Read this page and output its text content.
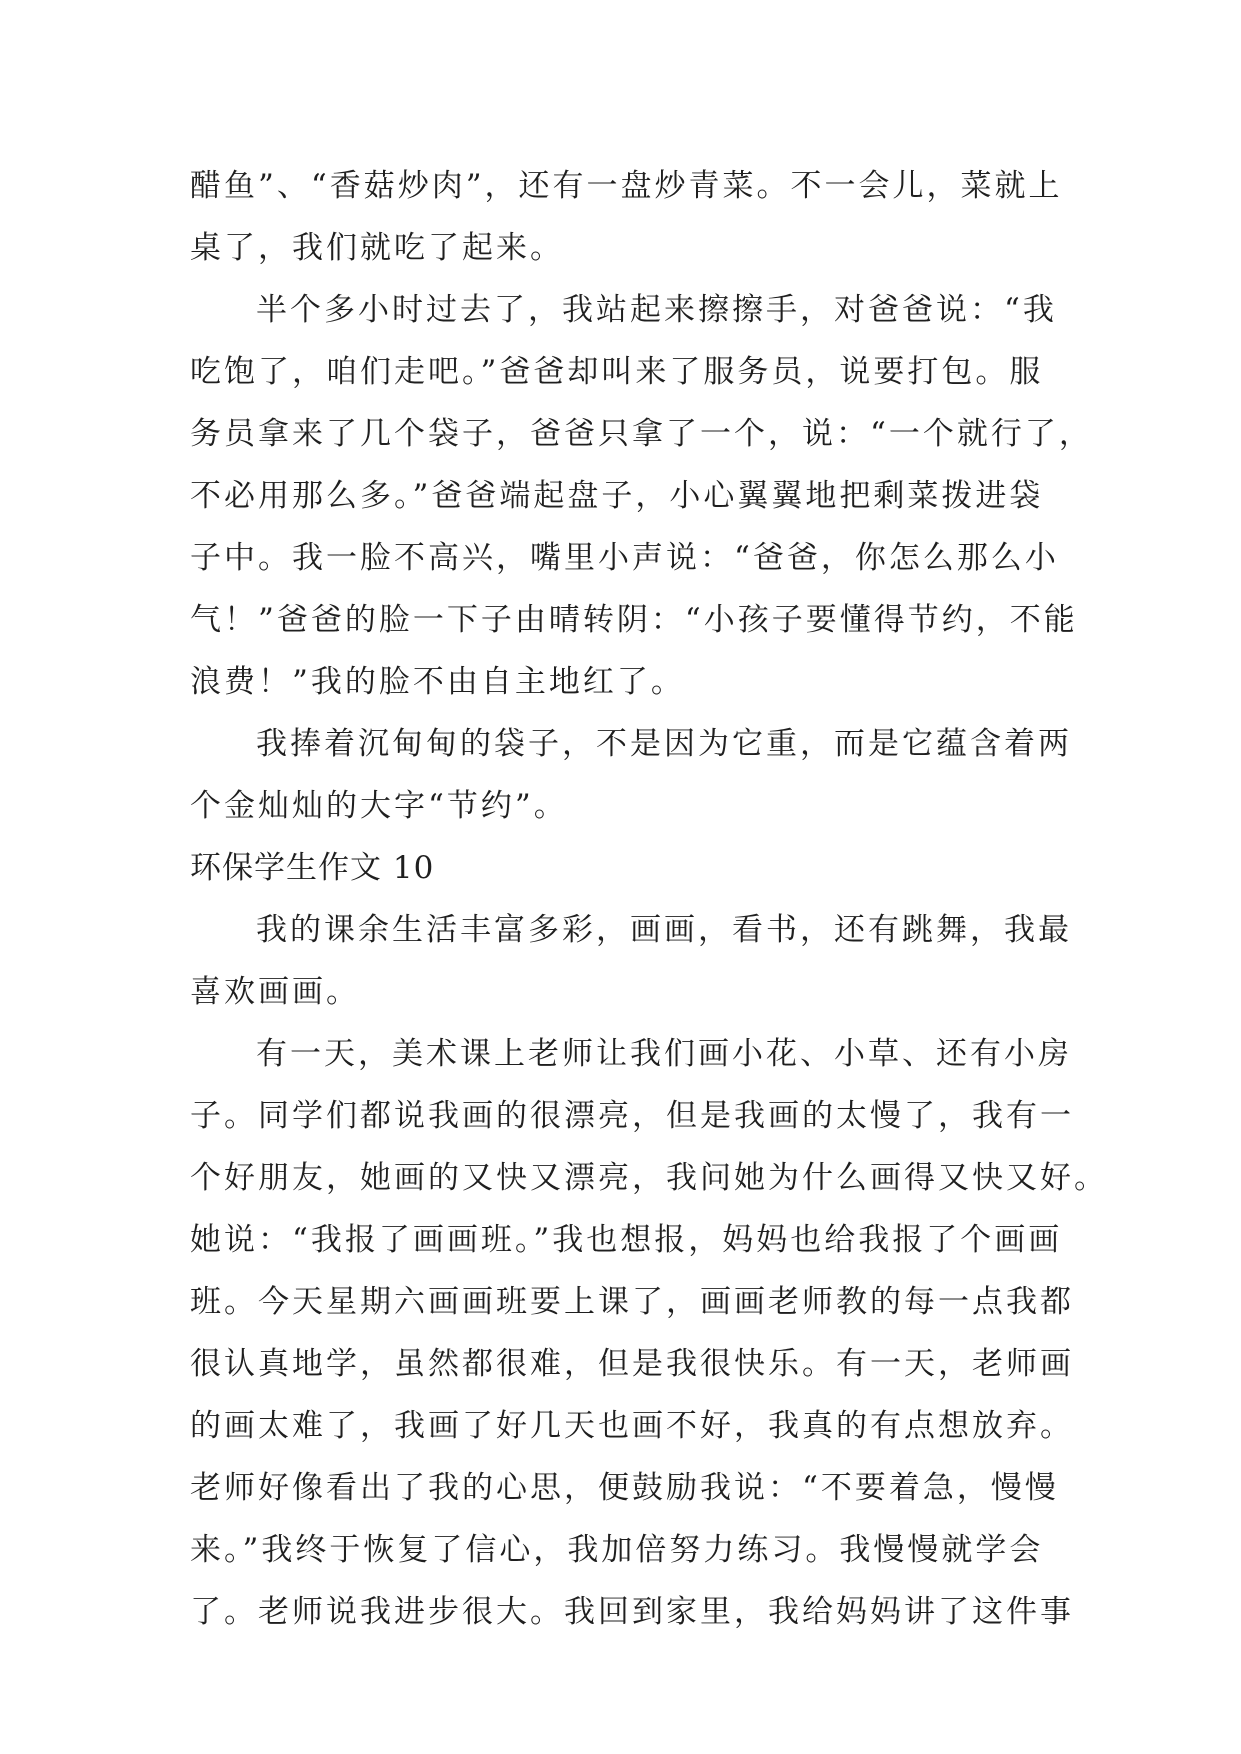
醋鱼”、“香菇炒肉”，还有一盘炒青菜。不一会儿，菜就上
桌了，我们就吃了起来。
半个多小时过去了，我站起来擦擦手，对爸爸说：“我
吃饱了，咱们走吧。”爸爸却叫来了服务员，说要打包。服
务员拿来了几个袋子，爸爸只拿了一个，说：“一个就行了，
不必用那么多。”爸爸端起盘子，小心翼翼地把剩菜拨进袋
子中。我一脸不高兴，嘴里小声说：“爸爸，你怎么那么小
气！”爸爸的脸一下子由晴转阴：“小孩子要懂得节约，不能
浪费！”我的脸不由自主地红了。
我捧着沉甸甸的袋子，不是因为它重，而是它蕴含着两
个金灿灿的大字“节约”。
环保学生作文 10
我的课余生活丰富多彩，画画，看书，还有跳舞，我最
喜欢画画。
有一天，美术课上老师让我们画小花、小草、还有小房
子。同学们都说我画的很漂亮，但是我画的太慢了，我有一
个好朋友，她画的又快又漂亮，我问她为什么画得又快又好。
她说：“我报了画画班。”我也想报，妈妈也给我报了个画画
班。今天星期六画画班要上课了，画画老师教的每一点我都
很认真地学，虽然都很难，但是我很快乐。有一天，老师画
的画太难了，我画了好几天也画不好，我真的有点想放弃。
老师好像看出了我的心思，便鼓励我说：“不要着急，慢慢
来。”我终于恢复了信心，我加倍努力练习。我慢慢就学会
了。老师说我进步很大。我回到家里，我给妈妈讲了这件事
